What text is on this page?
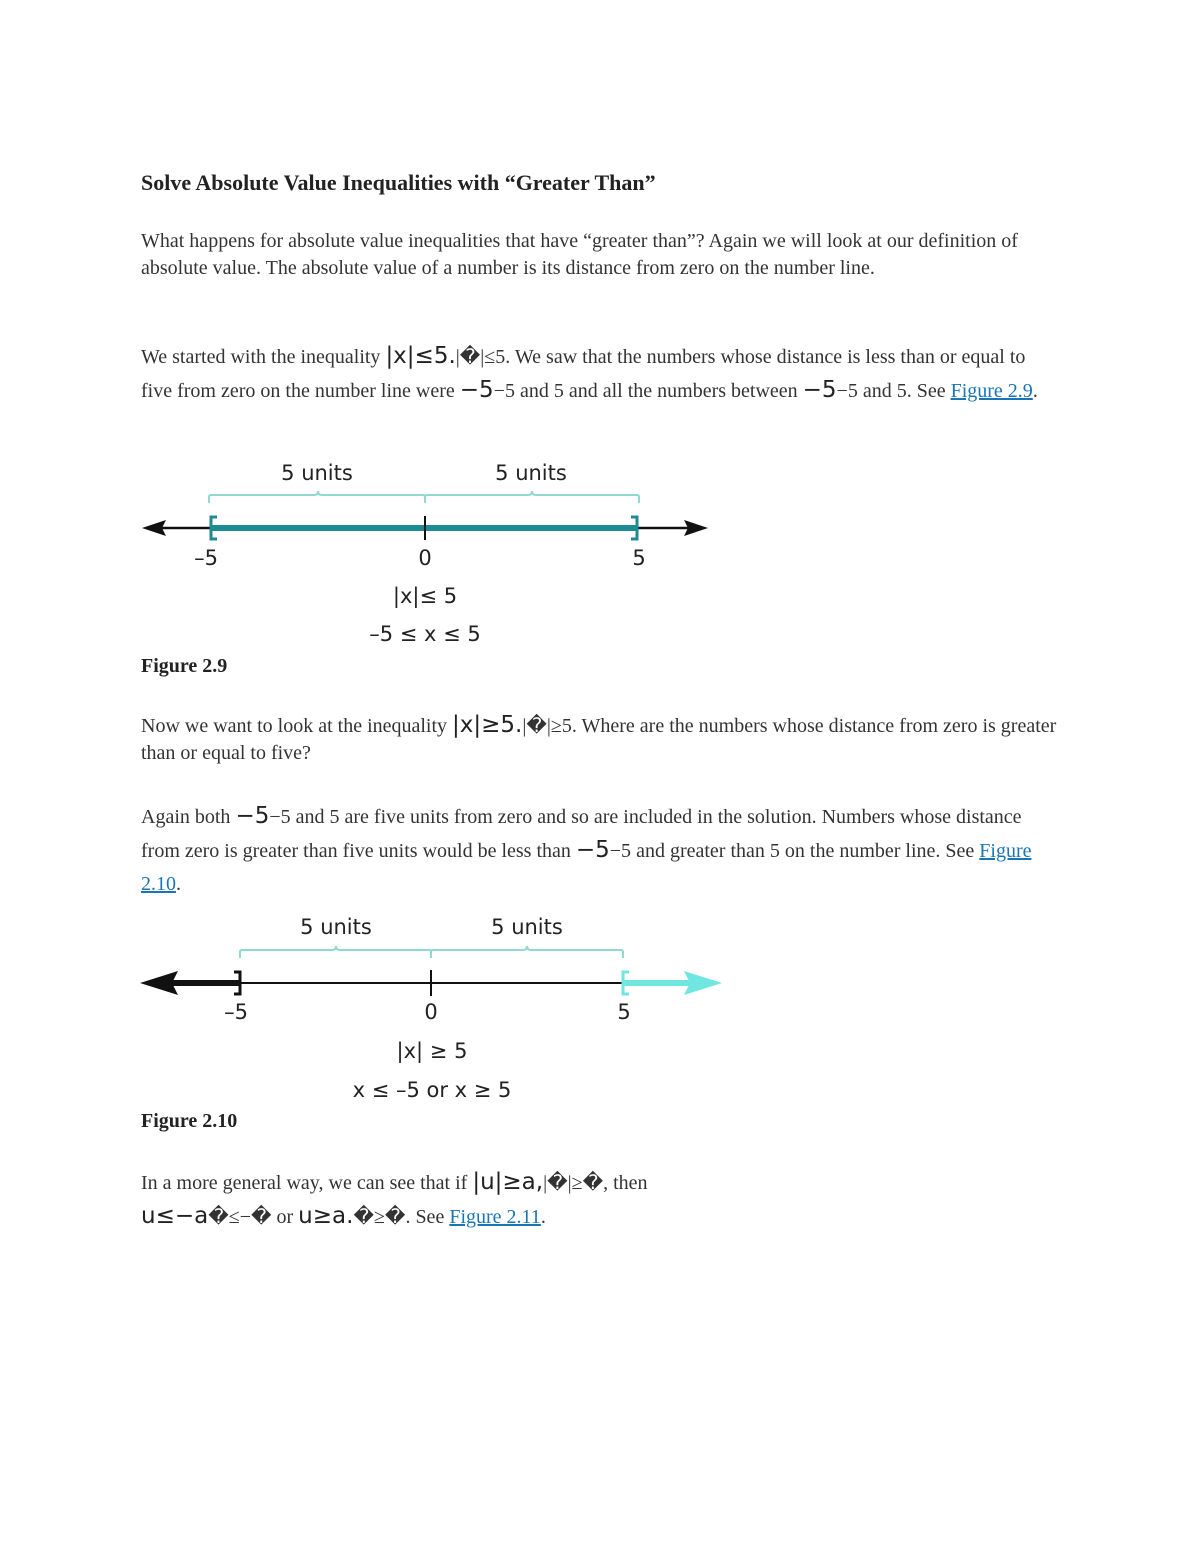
Solve Absolute Value Inequalities with “Greater Than”

What happens for absolute value inequalities that have “greater than”? Again we will look at our definition of absolute value. The absolute value of a number is its distance from zero on the number line.

We started with the inequality |x|≤5.|�|≤5. We saw that the numbers whose distance is less than or equal to five from zero on the number line were −5−5 and 5 and all the numbers between −5−5 and 5. See Figure 2.9.

5 units	5 units
–5	0	5
|x|≤ 5
–5 ≤ x ≤ 5

Figure 2.9

Now we want to look at the inequality |x|≥5.|�|≥5. Where are the numbers whose distance from zero is greater than or equal to five?

Again both −5−5 and 5 are five units from zero and so are included in the solution. Numbers whose distance from zero is greater than five units would be less than −5−5 and greater than 5 on the number line. See Figure 2.10.

5 units	5 units
–5	0	5
|x| ≥ 5
x ≤ –5 or x ≥ 5

Figure 2.10

In a more general way, we can see that if |u|≥a,|�|≥�, then u≤−a�≤−� or u≥a.�≥�. See Figure 2.11.
